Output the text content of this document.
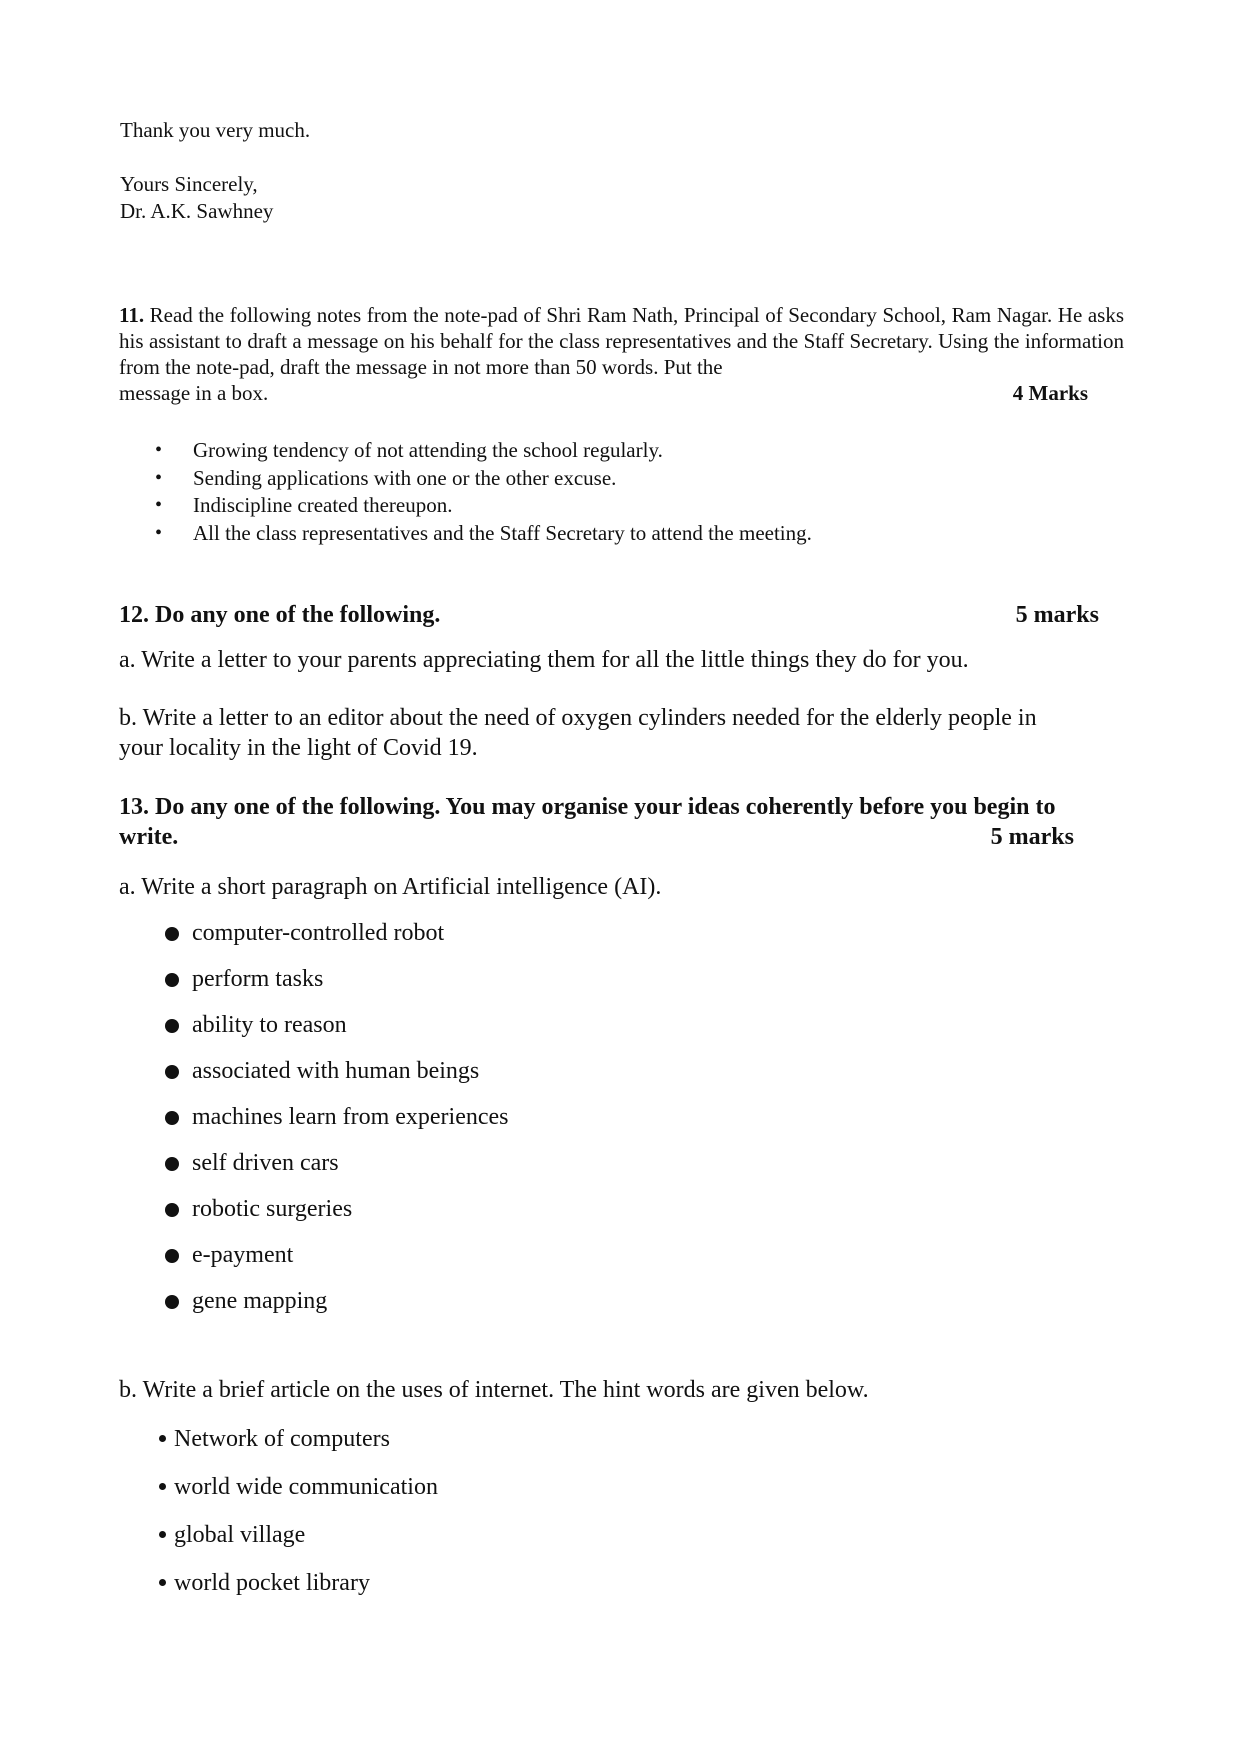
Thank you very much.
Yours Sincerely,
Dr. A.K. Sawhney
11. Read the following notes from the note-pad of Shri Ram Nath, Principal of Secondary School, Ram Nagar. He asks his assistant to draft a message on his behalf for the class representatives and the Staff Secretary. Using the information from the note-pad, draft the message in not more than 50 words. Put the
message in a box.	4 Marks
• Growing tendency of not attending the school regularly.
• Sending applications with one or the other excuse.
• Indiscipline created thereupon.
• All the class representatives and the Staff Secretary to attend the meeting.
12. Do any one of the following.	5 marks
a. Write a letter to your parents appreciating them for all the little things they do for you.
b. Write a letter to an editor about the need of oxygen cylinders needed for the elderly people in
your locality in the light of Covid 19.
13. Do any one of the following. You may organise your ideas coherently before you begin to
write.	5 marks
a. Write a short paragraph on Artificial intelligence (AI).
computer-controlled robot
perform tasks
ability to reason
associated with human beings
machines learn from experiences
self driven cars
robotic surgeries
e-payment
gene mapping
b. Write a brief article on the uses of internet. The hint words are given below.
Network of computers
world wide communication
global village
world pocket library
